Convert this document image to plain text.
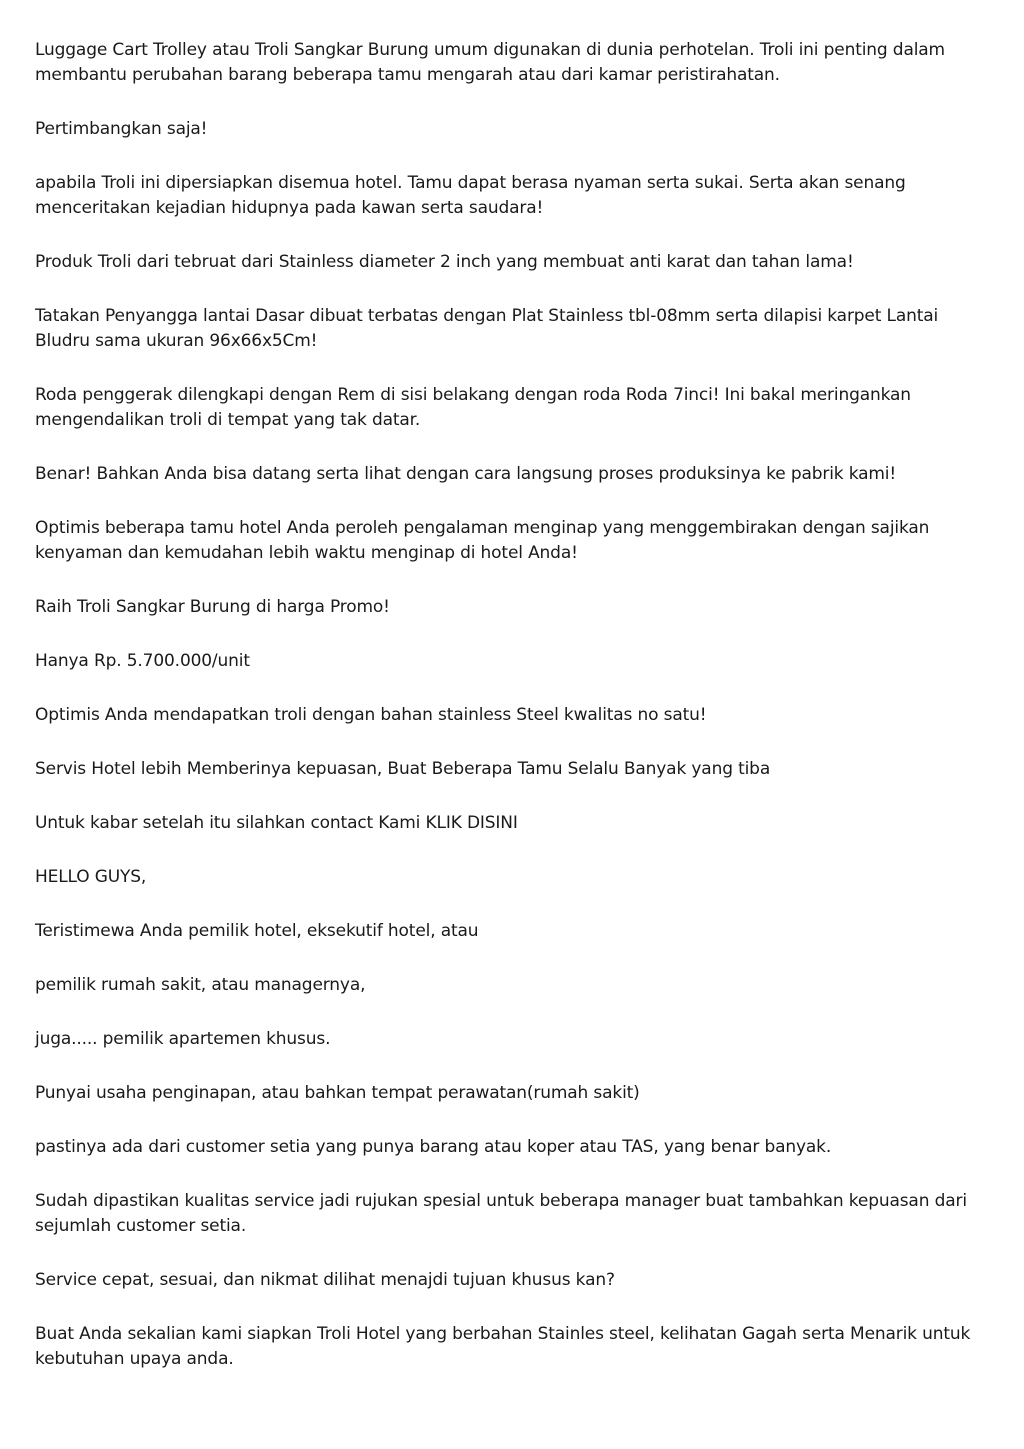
Luggage Cart Trolley atau Troli Sangkar Burung umum digunakan di dunia perhotelan. Troli ini penting dalam membantu perubahan barang beberapa tamu mengarah atau dari kamar peristirahatan.

Pertimbangkan saja!

apabila Troli ini dipersiapkan disemua hotel. Tamu dapat berasa nyaman serta sukai. Serta akan senang menceritakan kejadian hidupnya pada kawan serta saudara!

Produk Troli dari tebruat dari Stainless diameter 2 inch yang membuat anti karat dan tahan lama!

Tatakan Penyangga lantai Dasar dibuat terbatas dengan Plat Stainless tbl-08mm serta dilapisi karpet Lantai Bludru sama ukuran 96x66x5Cm!

Roda penggerak dilengkapi dengan Rem di sisi belakang dengan roda Roda 7inci! Ini bakal meringankan mengendalikan troli di tempat yang tak datar.

Benar! Bahkan Anda bisa datang serta lihat dengan cara langsung proses produksinya ke pabrik kami!

Optimis beberapa tamu hotel Anda peroleh pengalaman menginap yang menggembirakan dengan sajikan kenyaman dan kemudahan lebih waktu menginap di hotel Anda!

Raih Troli Sangkar Burung di harga Promo!

Hanya Rp. 5.700.000/unit

Optimis Anda mendapatkan troli dengan bahan stainless Steel kwalitas no satu!

Servis Hotel lebih Memberinya kepuasan, Buat Beberapa Tamu Selalu Banyak yang tiba

Untuk kabar setelah itu silahkan contact Kami KLIK DISINI

HELLO GUYS,

Teristimewa Anda pemilik hotel, eksekutif hotel, atau

pemilik rumah sakit, atau managernya,

juga..... pemilik apartemen khusus.

Punyai usaha penginapan, atau bahkan tempat perawatan(rumah sakit)

pastinya ada dari customer setia yang punya barang atau koper atau TAS, yang benar banyak.

Sudah dipastikan kualitas service jadi rujukan spesial untuk beberapa manager buat tambahkan kepuasan dari sejumlah customer setia.

Service cepat, sesuai, dan nikmat dilihat menajdi tujuan khusus kan?

Buat Anda sekalian kami siapkan Troli Hotel yang berbahan Stainles steel, kelihatan Gagah serta Menarik untuk kebutuhan upaya anda.
